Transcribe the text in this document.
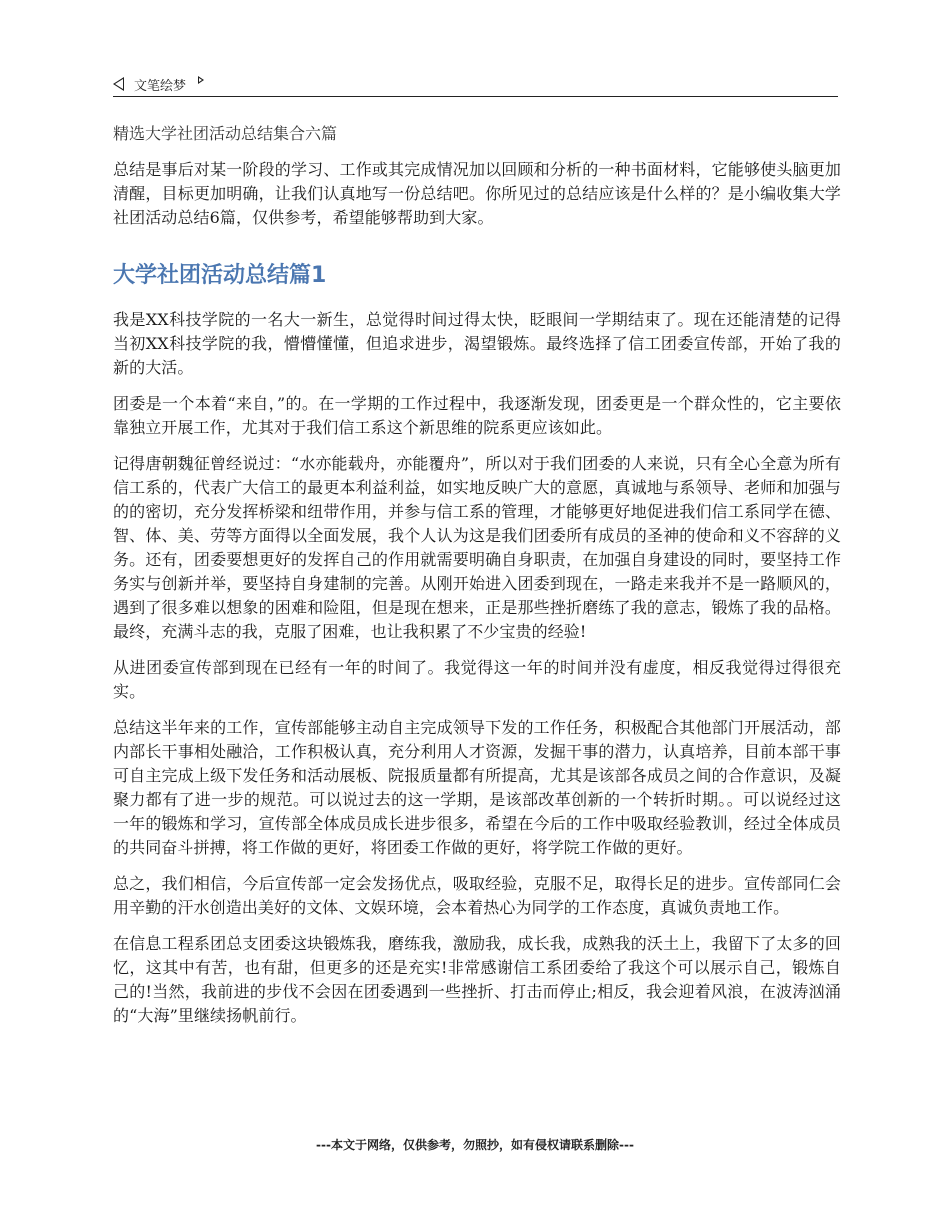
文笔绘梦

精选大学社团活动总结集合六篇

总结是事后对某一阶段的学习、工作或其完成情况加以回顾和分析的一种书面材料，它能够使头脑更加清醒，目标更加明确，让我们认真地写一份总结吧。你所见过的总结应该是什么样的？是小编收集大学社团活动总结6篇，仅供参考，希望能够帮助到大家。

大学社团活动总结篇1

我是XX科技学院的一名大一新生，总觉得时间过得太快，眨眼间一学期结束了。现在还能清楚的记得当初XX科技学院的我，懵懵懂懂，但追求进步，渴望锻炼。最终选择了信工团委宣传部，开始了我的新的大活。

团委是一个本着“来自，”的。在一学期的工作过程中，我逐渐发现，团委更是一个群众性的，它主要依靠独立开展工作，尤其对于我们信工系这个新思维的院系更应该如此。

记得唐朝魏征曾经说过：“水亦能载舟，亦能覆舟”，所以对于我们团委的人来说，只有全心全意为所有信工系的，代表广大信工的最更本利益利益，如实地反映广大的意愿，真诚地与系领导、老师和加强与的的密切，充分发挥桥梁和纽带作用，并参与信工系的管理，才能够更好地促进我们信工系同学在德、智、体、美、劳等方面得以全面发展，我个人认为这是我们团委所有成员的圣神的使命和义不容辞的义务。还有，团委要想更好的发挥自己的作用就需要明确自身职责，在加强自身建设的同时，要坚持工作务实与创新并举，要坚持自身建制的完善。从刚开始进入团委到现在，一路走来我并不是一路顺风的，遇到了很多难以想象的困难和险阻，但是现在想来，正是那些挫折磨练了我的意志，锻炼了我的品格。最终，充满斗志的我，克服了困难，也让我积累了不少宝贵的经验!

从进团委宣传部到现在已经有一年的时间了。我觉得这一年的时间并没有虚度，相反我觉得过得很充实。

总结这半年来的工作，宣传部能够主动自主完成领导下发的工作任务，积极配合其他部门开展活动，部内部长干事相处融洽，工作积极认真，充分利用人才资源，发掘干事的潜力，认真培养，目前本部干事可自主完成上级下发任务和活动展板、院报质量都有所提高，尤其是该部各成员之间的合作意识，及凝聚力都有了进一步的规范。可以说过去的这一学期，是该部改革创新的一个转折时期。。可以说经过这一年的锻炼和学习，宣传部全体成员成长进步很多，希望在今后的工作中吸取经验教训，经过全体成员的共同奋斗拼搏，将工作做的更好，将团委工作做的更好，将学院工作做的更好。

总之，我们相信，今后宣传部一定会发扬优点，吸取经验，克服不足，取得长足的进步。宣传部同仁会用辛勤的汗水创造出美好的文体、文娱环境，会本着热心为同学的工作态度，真诚负责地工作。

在信息工程系团总支团委这块锻炼我，磨练我，激励我，成长我，成熟我的沃土上，我留下了太多的回忆，这其中有苦，也有甜，但更多的还是充实!非常感谢信工系团委给了我这个可以展示自己，锻炼自己的!当然，我前进的步伐不会因在团委遇到一些挫折、打击而停止;相反，我会迎着风浪，在波涛汹涌的“大海”里继续扬帆前行。

---本文于网络，仅供参考，勿照抄，如有侵权请联系删除---
